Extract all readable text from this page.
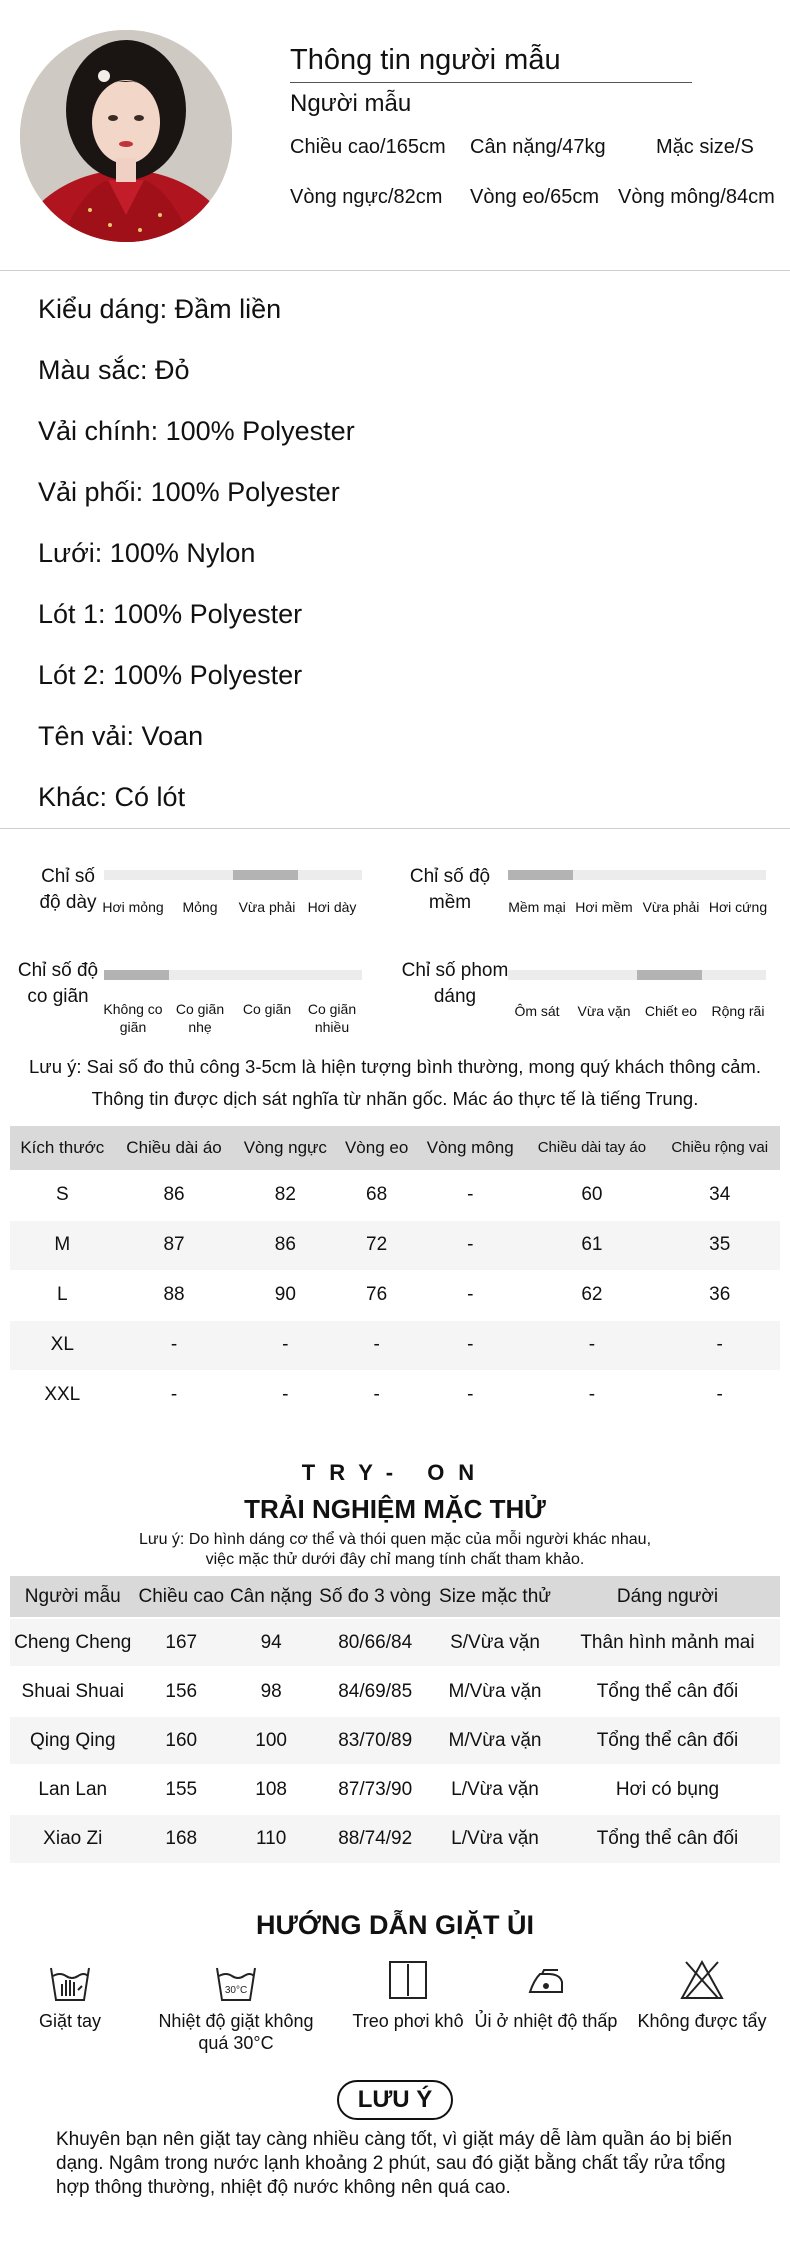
Thông tin người mẫu
Người mẫu
Chiều cao/165cm Cân nặng/47kg	Mặc size/S
Vòng ngực/82cm Vòng eo/65cm Vòng mông/84cm
Kiểu dáng: Đầm liền
Màu sắc: Đỏ
Vải chính: 100% Polyester
Vải phối: 100% Polyester
Lưới: 100% Nylon
Lót 1: 100% Polyester
Lót 2: 100% Polyester
Tên vải: Voan
Khác: Có lót
Chỉ số độ dày Hơi mỏng	Mỏng	Vừa phải Hơi dày
Chỉ số độ mềm	Mềm mại Hơi mềm Vừa phải Hơi cứng
Chỉ số độ co giãn
Không co giãn
Co giãn nhẹ
Co giãn	Co giãn nhiều
Chỉ số phom dáng
Ôm sát	Vừa vặn	Chiết eo	Rộng rãi
Lưu ý: Sai số đo thủ công 3-5cm là hiện tượng bình thường, mong quý khách thông cảm.
Thông tin được dịch sát nghĩa từ nhãn gốc. Mác áo thực tế là tiếng Trung.
Kích thước	Chiều dài áo	Vòng ngực	Vòng eo	Vòng mông	Chiều dài tay áo	Chiều rộng vai
S	86	82	68	-	60	34
M	87	86	72	-	61	35
L	88	90	76	-	62	36
XL	-	-	-	-	-	-
XXL	-	-	-	-	-	-
TRY- ON
TRẢI NGHIỆM MẶC THỬ
Lưu ý: Do hình dáng cơ thể và thói quen mặc của mỗi người khác nhau,
việc mặc thử dưới đây chỉ mang tính chất tham khảo.
Người mẫu	Chiều cao	Cân nặng	Số đo 3 vòng	Size mặc thử	Dáng người
Cheng Cheng	167	94	80/66/84	S/Vừa vặn	Thân hình mảnh mai
Shuai Shuai	156	98	84/69/85	M/Vừa vặn	Tổng thể cân đối
Qing Qing	160	100	83/70/89	M/Vừa vặn	Tổng thể cân đối
Lan Lan	155	108	87/73/90	L/Vừa vặn	Hơi có bụng
Xiao Zi	168	110	88/74/92	L/Vừa vặn	Tổng thể cân đối
HƯỚNG DẪN GIẶT ỦI
Giặt tay
30°C
Nhiệt độ giặt không quá 30°C
Treo phơi khô Ủi ở nhiệt độ thấp	Không được tẩy
LƯU Ý
Khuyên bạn nên giặt tay càng nhiều càng tốt, vì giặt máy dễ làm quần áo bị biến dạng. Ngâm trong nước lạnh khoảng 2 phút, sau đó giặt bằng chất tẩy rửa tổng hợp thông thường, nhiệt độ nước không nên quá cao.
